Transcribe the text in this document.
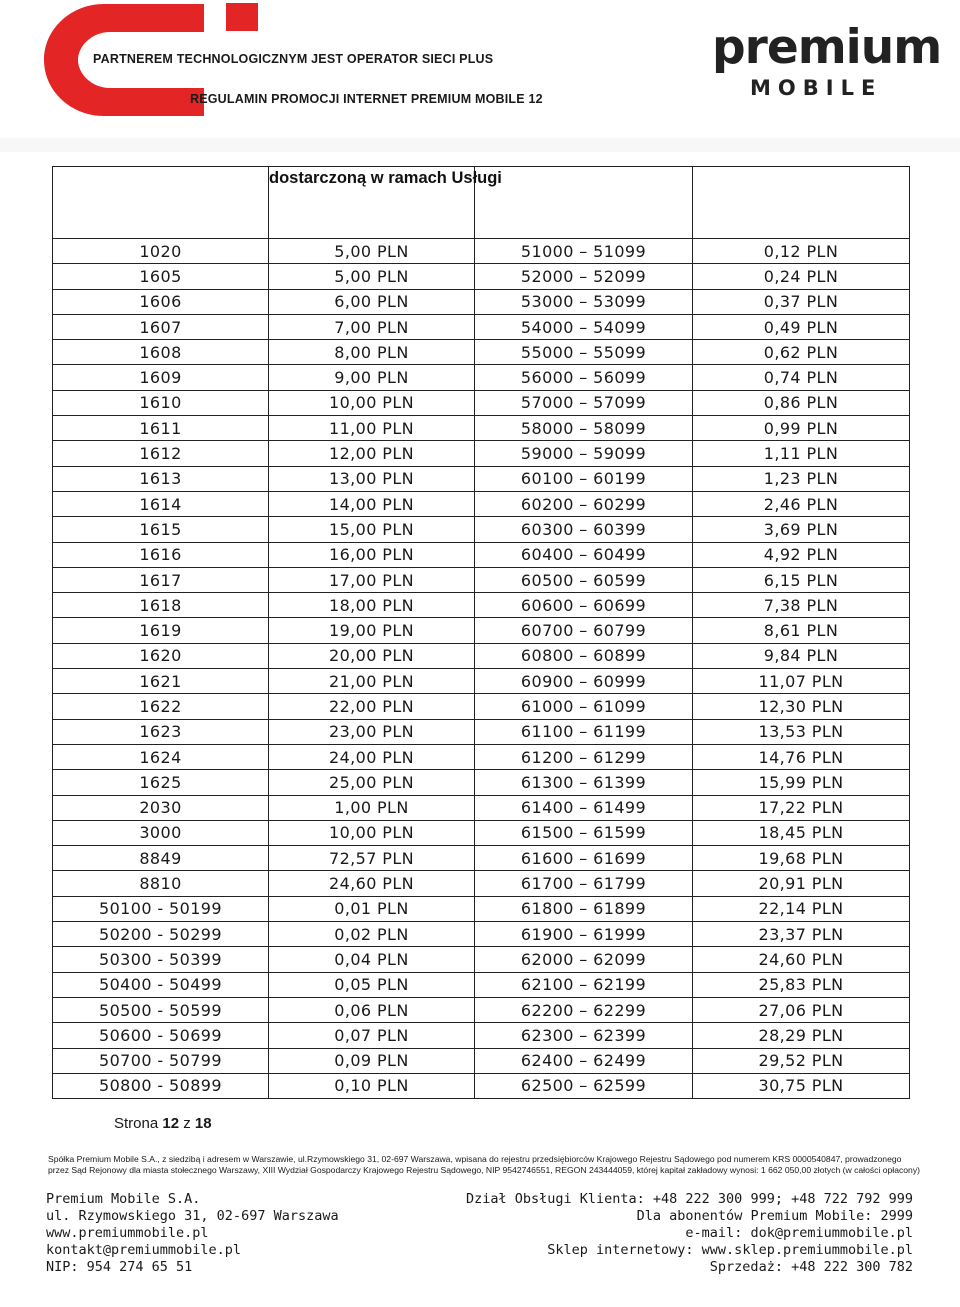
PARTNEREM TECHNOLOGICZNYM JEST OPERATOR SIECI PLUS
REGULAMIN PROMOCJI INTERNET PREMIUM MOBILE 12
premium
MOBILE

	dostarczoną w ramach Usługi		

1020	5,00 PLN	51000 – 51099	0,12 PLN
1605	5,00 PLN	52000 – 52099	0,24 PLN
1606	6,00 PLN	53000 – 53099	0,37 PLN
1607	7,00 PLN	54000 – 54099	0,49 PLN
1608	8,00 PLN	55000 – 55099	0,62 PLN
1609	9,00 PLN	56000 – 56099	0,74 PLN
1610	10,00 PLN	57000 – 57099	0,86 PLN
1611	11,00 PLN	58000 – 58099	0,99 PLN
1612	12,00 PLN	59000 – 59099	1,11 PLN
1613	13,00 PLN	60100 – 60199	1,23 PLN
1614	14,00 PLN	60200 – 60299	2,46 PLN
1615	15,00 PLN	60300 – 60399	3,69 PLN
1616	16,00 PLN	60400 – 60499	4,92 PLN
1617	17,00 PLN	60500 – 60599	6,15 PLN
1618	18,00 PLN	60600 – 60699	7,38 PLN
1619	19,00 PLN	60700 – 60799	8,61 PLN
1620	20,00 PLN	60800 – 60899	9,84 PLN
1621	21,00 PLN	60900 – 60999	11,07 PLN
1622	22,00 PLN	61000 – 61099	12,30 PLN
1623	23,00 PLN	61100 – 61199	13,53 PLN
1624	24,00 PLN	61200 – 61299	14,76 PLN
1625	25,00 PLN	61300 – 61399	15,99 PLN
2030	1,00 PLN	61400 – 61499	17,22 PLN
3000	10,00 PLN	61500 – 61599	18,45 PLN
8849	72,57 PLN	61600 – 61699	19,68 PLN
8810	24,60 PLN	61700 – 61799	20,91 PLN
50100 - 50199	0,01 PLN	61800 – 61899	22,14 PLN
50200 - 50299	0,02 PLN	61900 – 61999	23,37 PLN
50300 - 50399	0,04 PLN	62000 – 62099	24,60 PLN
50400 - 50499	0,05 PLN	62100 – 62199	25,83 PLN
50500 - 50599	0,06 PLN	62200 – 62299	27,06 PLN
50600 - 50699	0,07 PLN	62300 – 62399	28,29 PLN
50700 - 50799	0,09 PLN	62400 – 62499	29,52 PLN
50800 - 50899	0,10 PLN	62500 – 62599	30,75 PLN
Strona 12 z 18
Spółka Premium Mobile S.A., z siedzibą i adresem w Warszawie, ul.Rzymowskiego 31, 02-697 Warszawa, wpisana do rejestru przedsiębiorców Krajowego Rejestru Sądowego pod numerem KRS 0000540847, prowadzonego
przez Sąd Rejonowy dla miasta stołecznego Warszawy, XIII Wydział Gospodarczy Krajowego Rejestru Sądowego, NIP 9542746551, REGON 243444059, której kapitał zakładowy wynosi: 1 662 050,00 złotych (w całości opłacony)
Premium Mobile S.A.
ul. Rzymowskiego 31, 02-697 Warszawa
www.premiummobile.pl
kontakt@premiummobile.pl
NIP: 954 274 65 51
Dział Obsługi Klienta: +48 222 300 999; +48 722 792 999
Dla abonentów Premium Mobile: 2999
e-mail: dok@premiummobile.pl
Sklep internetowy: www.sklep.premiummobile.pl
Sprzedaż: +48 222 300 782
